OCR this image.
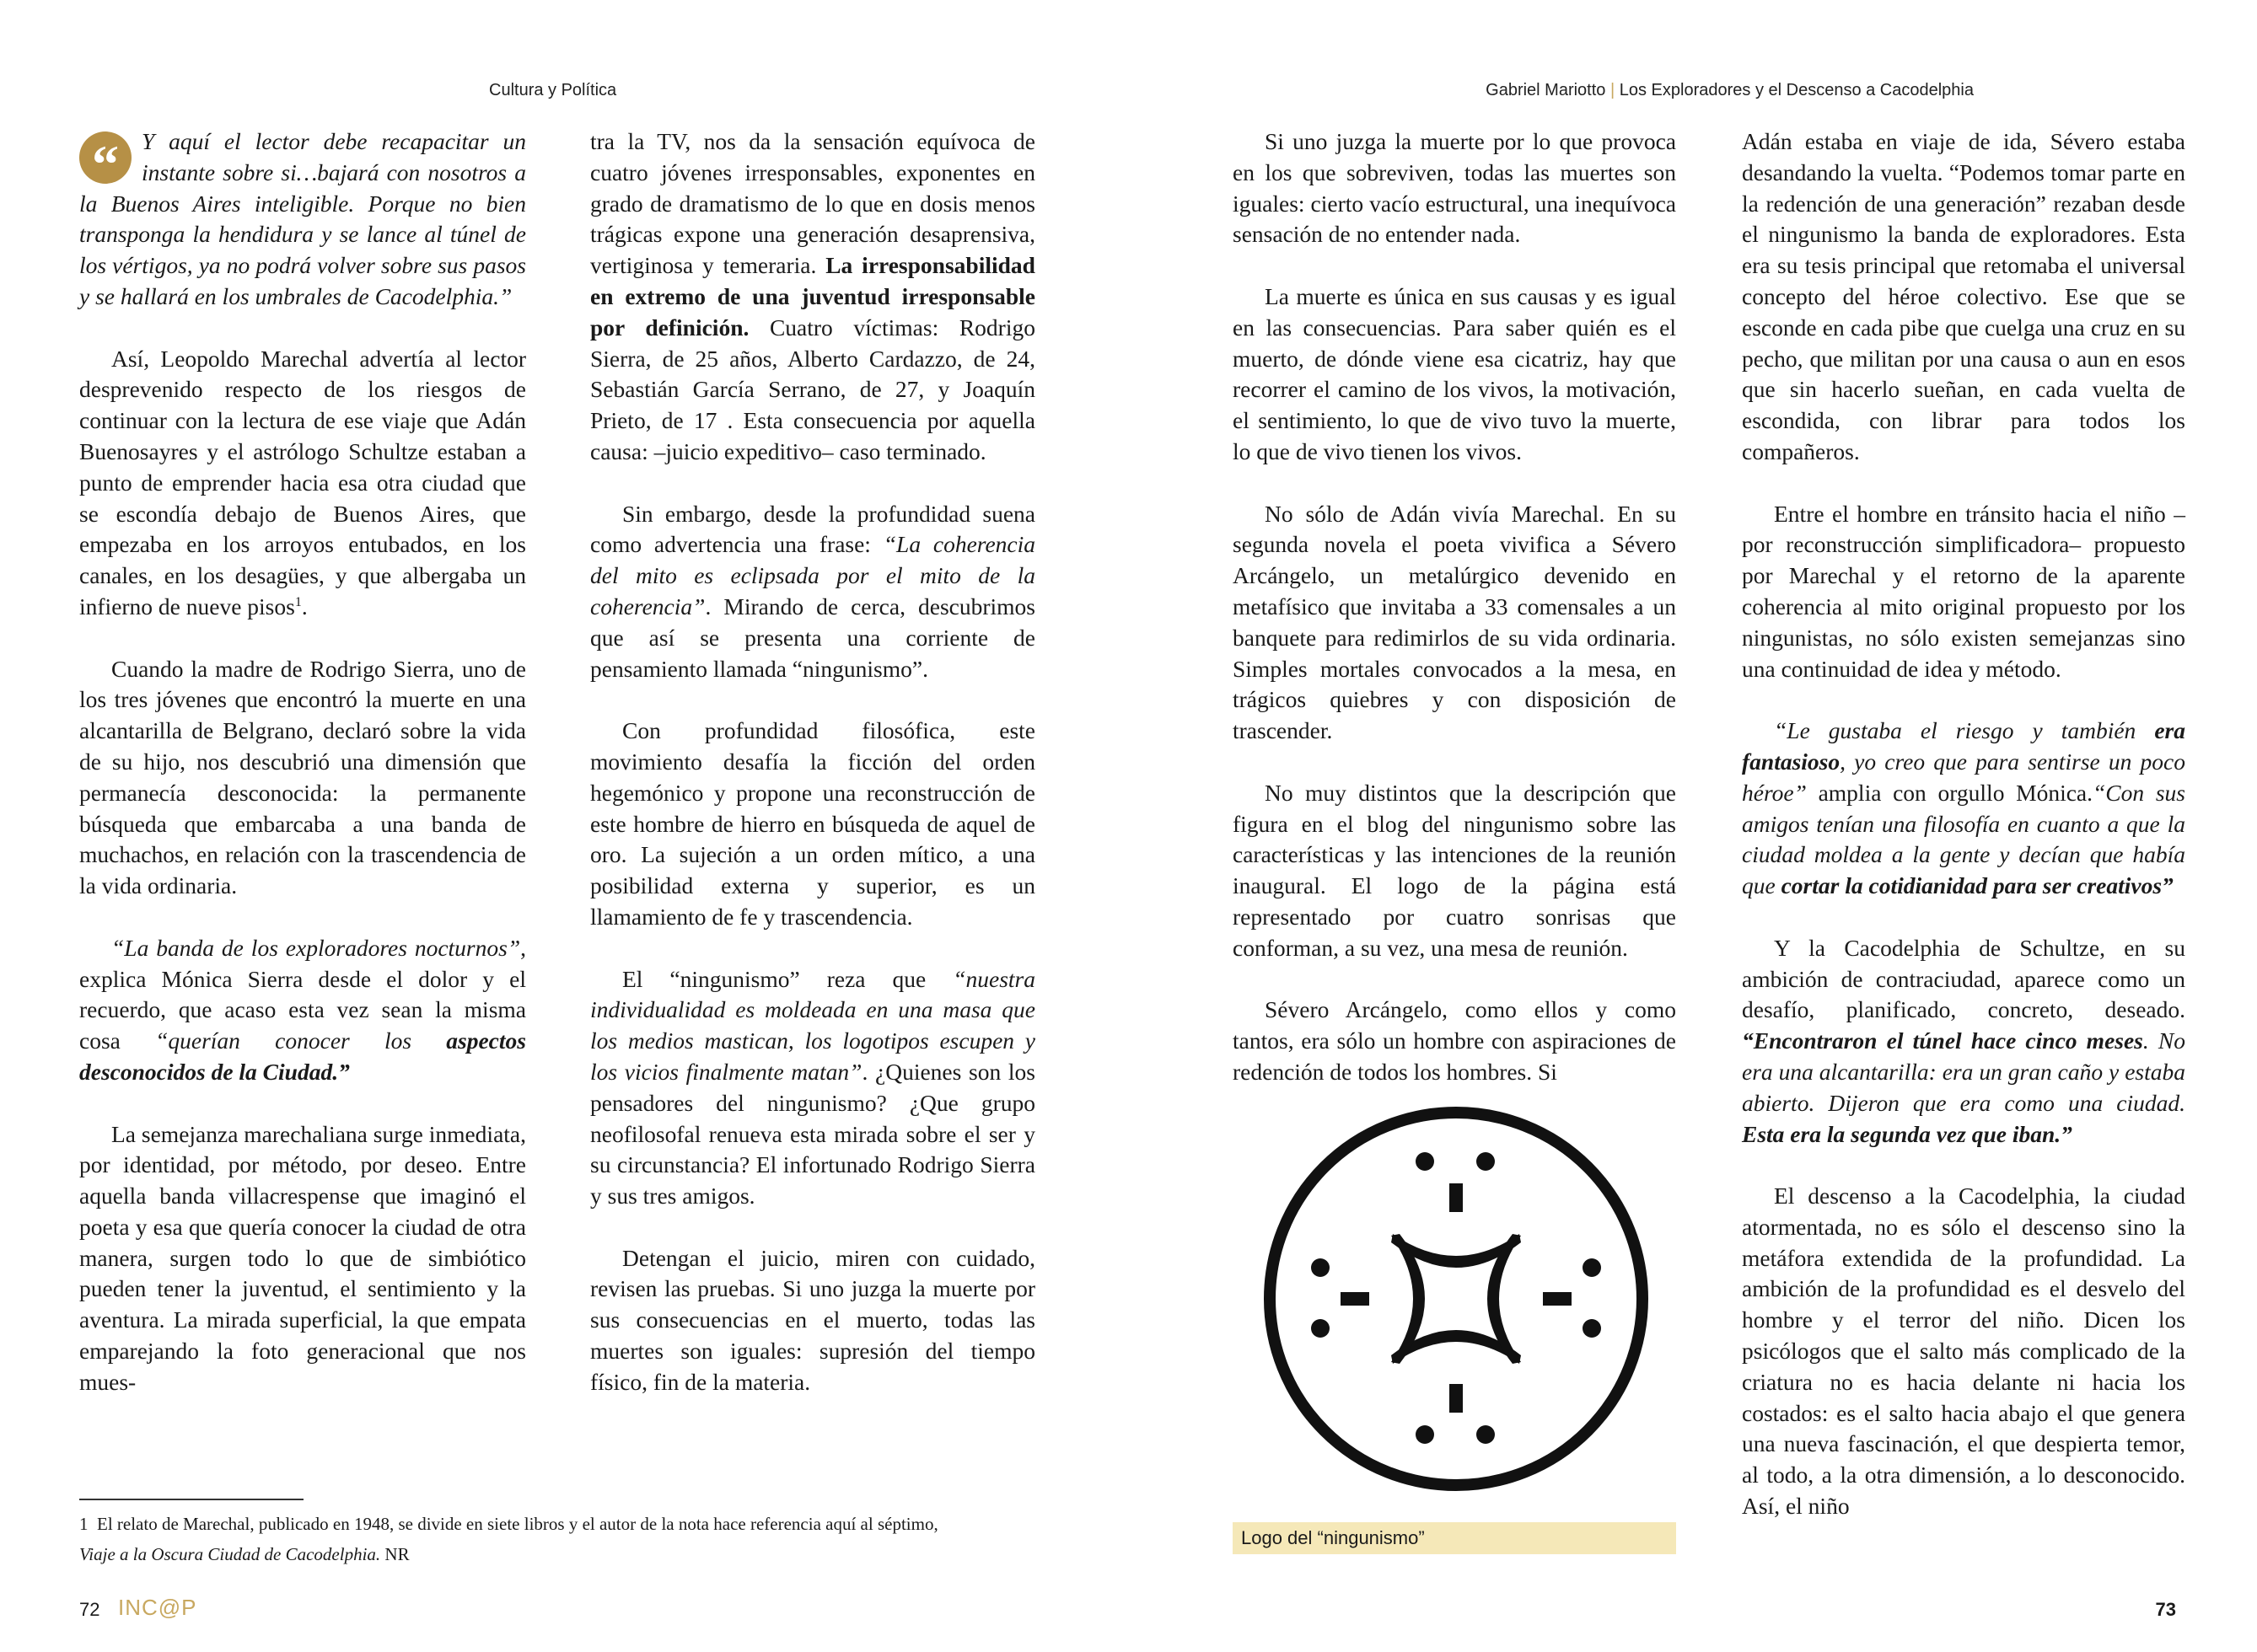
Cultura y Política	Gabriel Mariotto | Los Exploradores y el Descenso a Cacodelphia

“ Y aquí el lector debe recapacitar un instante sobre si…bajará con nosotros a la Buenos Aires inteligible. Porque no bien transponga la hendidura y se lance al túnel de los vértigos, ya no podrá volver sobre sus pasos y se hallará en los umbrales de Cacodelphia.”

Así, Leopoldo Marechal advertía al lector desprevenido respecto de los riesgos de continuar con la lectura de ese viaje que Adán Buenosayres y el astrólogo Schultze estaban a punto de emprender hacia esa otra ciudad que se escondía debajo de Buenos Aires, que empezaba en los arroyos entubados, en los canales, en los desagües, y que albergaba un infierno de nueve pisos$^1$.

Cuando la madre de Rodrigo Sierra, uno de los tres jóvenes que encontró la muerte en una alcantarilla de Belgrano, declaró sobre la vida de su hijo, nos descubrió una dimensión que permanecía desconocida: la permanente búsqueda que embarcaba a una banda de muchachos, en relación con la trascendencia de la vida ordinaria.

“La banda de los exploradores nocturnos”, explica Mónica Sierra desde el dolor y el recuerdo, que acaso esta vez sean la misma cosa “querían conocer los aspectos desconocidos de la Ciudad.”

La semejanza marechaliana surge inmediata, por identidad, por método, por deseo. Entre aquella banda villacrespense que imaginó el poeta y esa que quería conocer la ciudad de otra manera, surgen todo lo que de simbiótico pueden tener la juventud, el sentimiento y la aventura. La mirada superficial, la que empata emparejando la foto generacional que nos mues-

tra la TV, nos da la sensación equívoca de cuatro jóvenes irresponsables, exponentes en grado de dramatismo de lo que en dosis menos trágicas expone una generación desaprensiva, vertiginosa y temeraria. La irresponsabilidad en extremo de una juventud irresponsable por definición. Cuatro víctimas: Rodrigo Sierra, de 25 años, Alberto Cardazzo, de 24, Sebastián García Serrano, de 27, y Joaquín Prieto, de 17 . Esta consecuencia por aquella causa: –juicio expeditivo– caso terminado.

Sin embargo, desde la profundidad suena como advertencia una frase: “La coherencia del mito es eclipsada por el mito de la coherencia”. Mirando de cerca, descubrimos que así se presenta una corriente de pensamiento llamada “ningunismo”.

Con profundidad filosófica, este movimiento desafía la ficción del orden hegemónico y propone una reconstrucción de este hombre de hierro en búsqueda de aquel de oro. La sujeción a un orden mítico, a una posibilidad externa y superior, es un llamamiento de fe y trascendencia.

El “ningunismo” reza que “nuestra individualidad es moldeada en una masa que los medios mastican, los logotipos escupen y los vicios finalmente matan”. ¿Quienes son los pensadores del ningunismo? ¿Que grupo neofilosofal renueva esta mirada sobre el ser y su circunstancia? El infortunado Rodrigo Sierra y sus tres amigos.

Detengan el juicio, miren con cuidado, revisen las pruebas. Si uno juzga la muerte por sus consecuencias en el muerto, todas las muertes son iguales: supresión del tiempo físico, fin de la materia.

Si uno juzga la muerte por lo que provoca en los que sobreviven, todas las muertes son iguales: cierto vacío estructural, una inequívoca sensación de no entender nada.

La muerte es única en sus causas y es igual en las consecuencias. Para saber quién es el muerto, de dónde viene esa cicatriz, hay que recorrer el camino de los vivos, la motivación, el sentimiento, lo que de vivo tuvo la muerte, lo que de vivo tienen los vivos.

No sólo de Adán vivía Marechal. En su segunda novela el poeta vivifica a Sévero Arcángelo, un metalúrgico devenido en metafísico que invitaba a 33 comensales a un banquete para redimirlos de su vida ordinaria. Simples mortales convocados a la mesa, en trágicos quiebres y con disposición de trascender.

No muy distintos que la descripción que figura en el blog del ningunismo sobre las características y las intenciones de la reunión inaugural. El logo de la página está representado por cuatro sonrisas que conforman, a su vez, una mesa de reunión.

Sévero Arcángelo, como ellos y como tantos, era sólo un hombre con aspiraciones de redención de todos los hombres. Si

Logo del “ningunismo”

Adán estaba en viaje de ida, Sévero estaba desandando la vuelta. “Podemos tomar parte en la redención de una generación” rezaban desde el ningunismo la banda de exploradores. Esta era su tesis principal que retomaba el universal concepto del héroe colectivo. Ese que se esconde en cada pibe que cuelga una cruz en su pecho, que militan por una causa o aun en esos que sin hacerlo sueñan, en cada vuelta de escondida, con librar para todos los compañeros.

Entre el hombre en tránsito hacia el niño –por reconstrucción simplificadora– propuesto por Marechal y el retorno de la aparente coherencia al mito original propuesto por los ningunistas, no sólo existen semejanzas sino una continuidad de idea y método.

“Le gustaba el riesgo y también era fantasioso, yo creo que para sentirse un poco héroe” amplia con orgullo Mónica.“Con sus amigos tenían una filosofía en cuanto a que la ciudad moldea a la gente y decían que había que cortar la cotidianidad para ser creativos”

Y la Cacodelphia de Schultze, en su ambición de contraciudad, aparece como un desafío, planificado, concreto, deseado. “Encontraron el túnel hace cinco meses. No era una alcantarilla: era un gran caño y estaba abierto. Dijeron que era como una ciudad. Esta era la segunda vez que iban.”

El descenso a la Cacodelphia, la ciudad atormentada, no es sólo el descenso sino la metáfora extendida de la profundidad. La ambición de la profundidad es el desvelo del hombre y el terror del niño. Dicen los psicólogos que el salto más complicado de la criatura no es hacia delante ni hacia los costados: es el salto hacia abajo el que genera una nueva fascinación, el que despierta temor, al todo, a la otra dimensión, a lo desconocido. Así, el niño

1 El relato de Marechal, publicado en 1948, se divide en siete libros y el autor de la nota hace referencia aquí al séptimo,
Viaje a la Oscura Ciudad de Cacodelphia. NR
72 INC@P	73
